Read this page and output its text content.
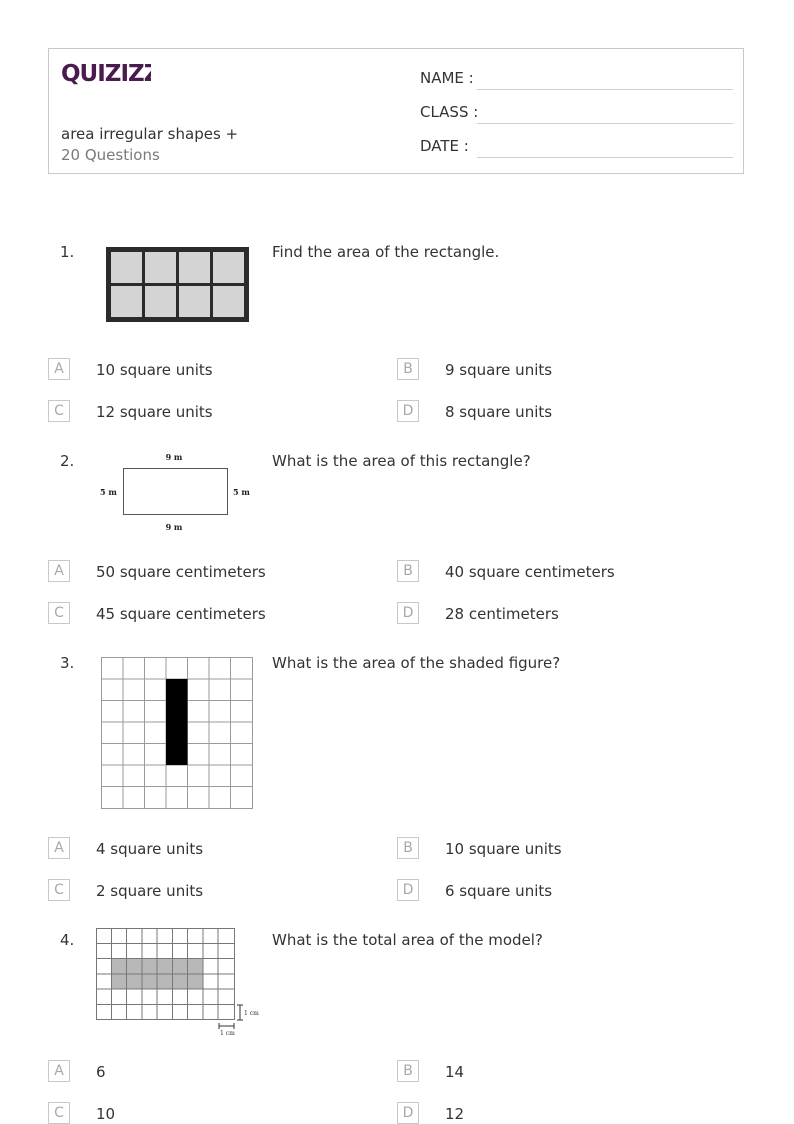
QUIZIZZ
area irregular shapes +
20 Questions
NAME :
CLASS :
DATE :
1.	Find the area of the rectangle.
A	10 square units	B	9 square units
C	12 square units	D	8 square units
2.	9 m
9 m
5 m	5 m
What is the area of this rectangle?
A	50 square centimeters	B	40 square centimeters
C	45 square centimeters	D	28 centimeters
3.	What is the area of the shaded figure?
A	4 square units	B	10 square units
C	2 square units	D	6 square units
4.
1 cm
1 cm
What is the total area of the model?
A	6	B	14
C	10	D	12
